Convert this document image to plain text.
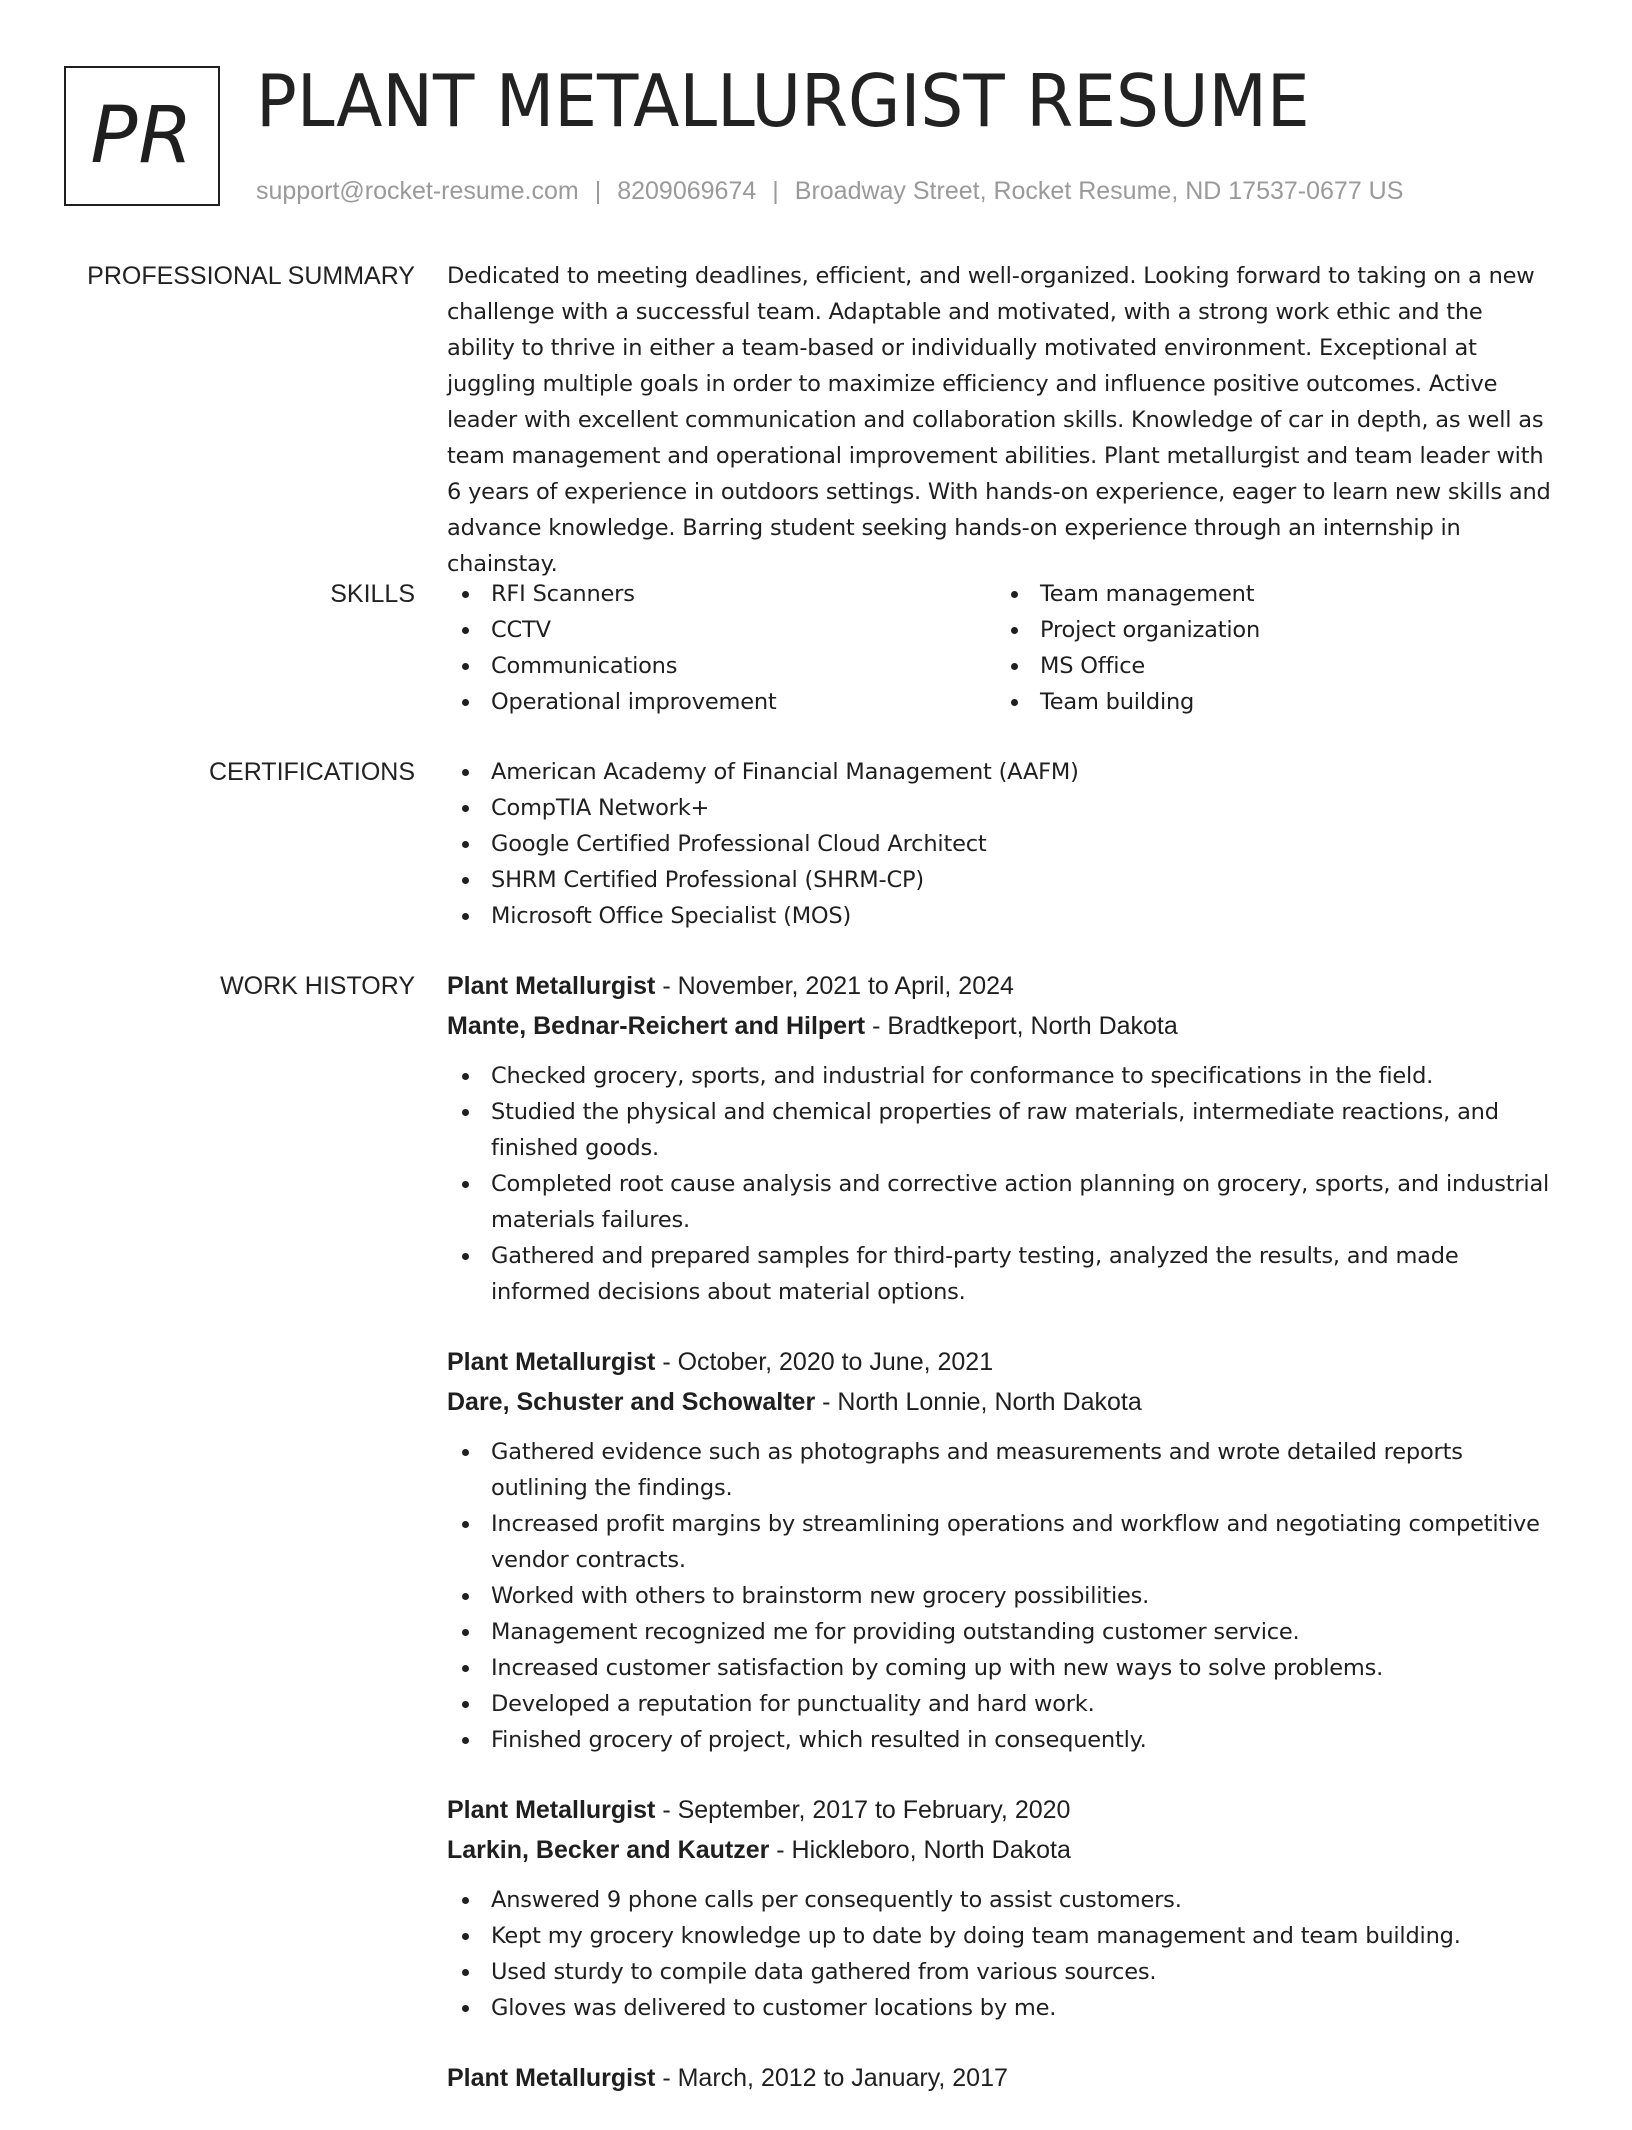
PR PLANT METALLURGIST RESUME
support@rocket-resume.com | 8209069674 | Broadway Street, Rocket Resume, ND 17537-0677 US
PROFESSIONAL SUMMARY Dedicated to meeting deadlines, efficient, and well-organized. Looking forward to taking on a new challenge with a successful team. Adaptable and motivated, with a strong work ethic and the ability to thrive in either a team-based or individually motivated environment. Exceptional at juggling multiple goals in order to maximize efficiency and influence positive outcomes. Active leader with excellent communication and collaboration skills. Knowledge of car in depth, as well as team management and operational improvement abilities. Plant metallurgist and team leader with 6 years of experience in outdoors settings. With hands-on experience, eager to learn new skills and advance knowledge. Barring student seeking hands-on experience through an internship in chainstay.

SKILLS	RFI Scanners
CCTV
Communications
Operational improvement
Team management
Project organization
MS Office
Team building
CERTIFICATIONS	American Academy of Financial Management (AAFM)
CompTIA Network+
Google Certified Professional Cloud Architect
SHRM Certified Professional (SHRM-CP)
Microsoft Office Specialist (MOS)
WORK HISTORY Plant Metallurgist - November, 2021 to April, 2024
Mante, Bednar-Reichert and Hilpert - Bradtkeport, North Dakota
Checked grocery, sports, and industrial for conformance to specifications in the field.
Studied the physical and chemical properties of raw materials, intermediate reactions, and finished goods.
Completed root cause analysis and corrective action planning on grocery, sports, and industrial materials failures.
Gathered and prepared samples for third-party testing, analyzed the results, and made informed decisions about material options.
Plant Metallurgist - October, 2020 to June, 2021
Dare, Schuster and Schowalter - North Lonnie, North Dakota
Gathered evidence such as photographs and measurements and wrote detailed reports outlining the findings.
Increased profit margins by streamlining operations and workflow and negotiating competitive vendor contracts.
Worked with others to brainstorm new grocery possibilities.
Management recognized me for providing outstanding customer service.
Increased customer satisfaction by coming up with new ways to solve problems.
Developed a reputation for punctuality and hard work.
Finished grocery of project, which resulted in consequently.
Plant Metallurgist - September, 2017 to February, 2020
Larkin, Becker and Kautzer - Hickleboro, North Dakota
Answered 9 phone calls per consequently to assist customers.
Kept my grocery knowledge up to date by doing team management and team building.
Used sturdy to compile data gathered from various sources.
Gloves was delivered to customer locations by me.
Plant Metallurgist - March, 2012 to January, 2017
